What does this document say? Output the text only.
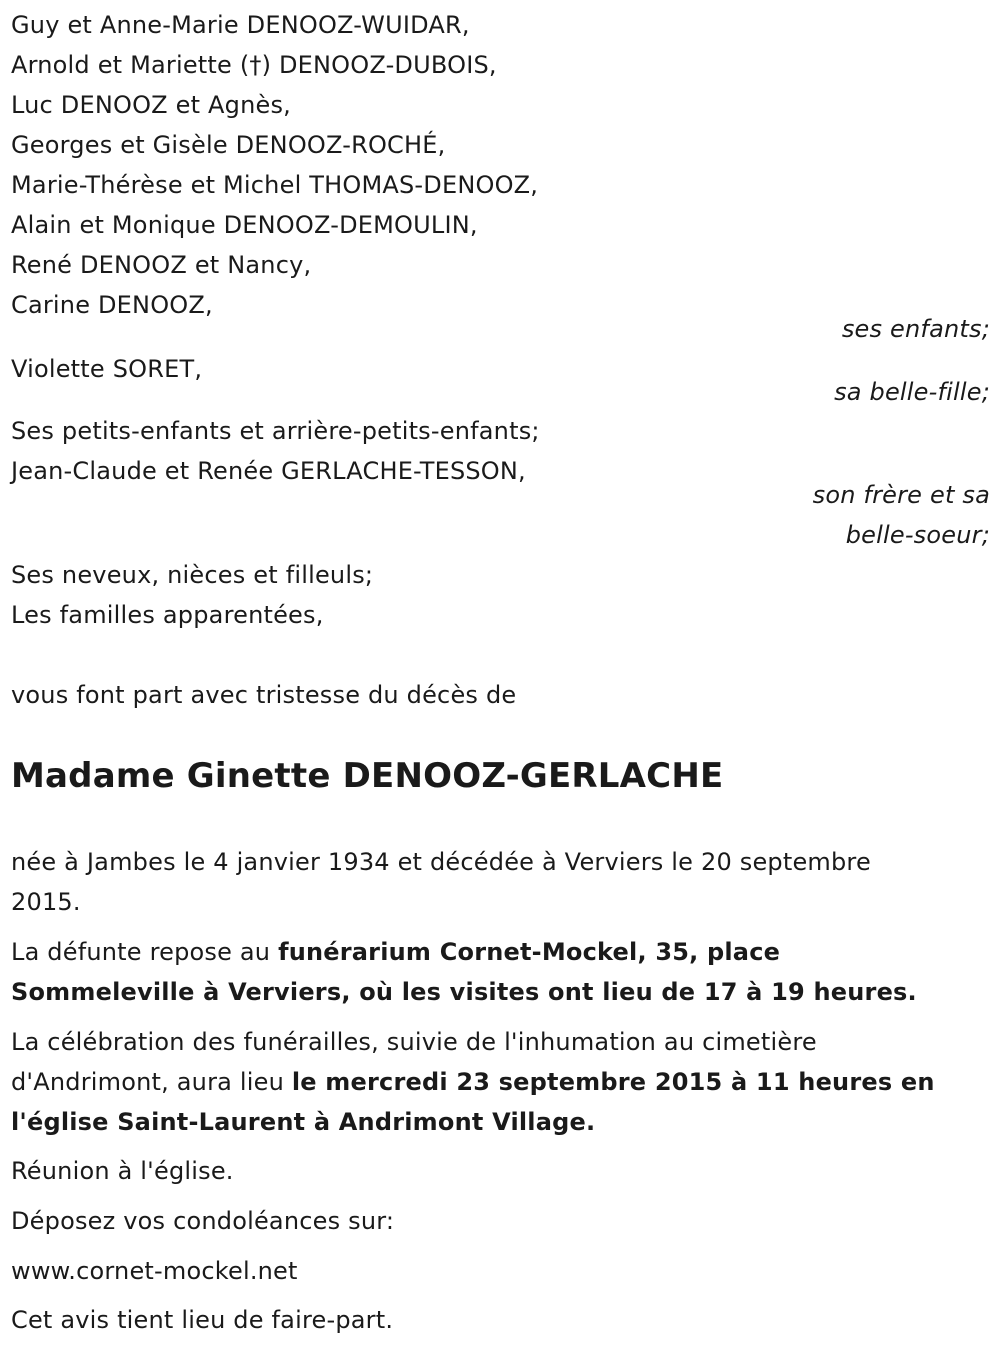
Guy et Anne-Marie DENOOZ-WUIDAR,
Arnold et Mariette (†) DENOOZ-DUBOIS,
Luc DENOOZ et Agnès,
Georges et Gisèle DENOOZ-ROCHÉ,
Marie-Thérèse et Michel THOMAS-DENOOZ,
Alain et Monique DENOOZ-DEMOULIN,
René DENOOZ et Nancy,
Carine DENOOZ,
ses enfants;
Violette SORET,
sa belle-fille;
Ses petits-enfants et arrière-petits-enfants;
Jean-Claude et Renée GERLACHE-TESSON,
son frère et sa
belle-soeur;
Ses neveux, nièces et filleuls;
Les familles apparentées,
vous font part avec tristesse du décès de
Madame Ginette DENOOZ-GERLACHE
née à Jambes le 4 janvier 1934 et décédée à Verviers le 20 septembre
2015.
La défunte repose au funérarium Cornet-Mockel, 35, place
Sommeleville à Verviers, où les visites ont lieu de 17 à 19 heures.
La célébration des funérailles, suivie de l'inhumation au cimetière
d'Andrimont, aura lieu le mercredi 23 septembre 2015 à 11 heures en
l'église Saint-Laurent à Andrimont Village.
Réunion à l'église.
Déposez vos condoléances sur:
www.cornet-mockel.net
Cet avis tient lieu de faire-part.
